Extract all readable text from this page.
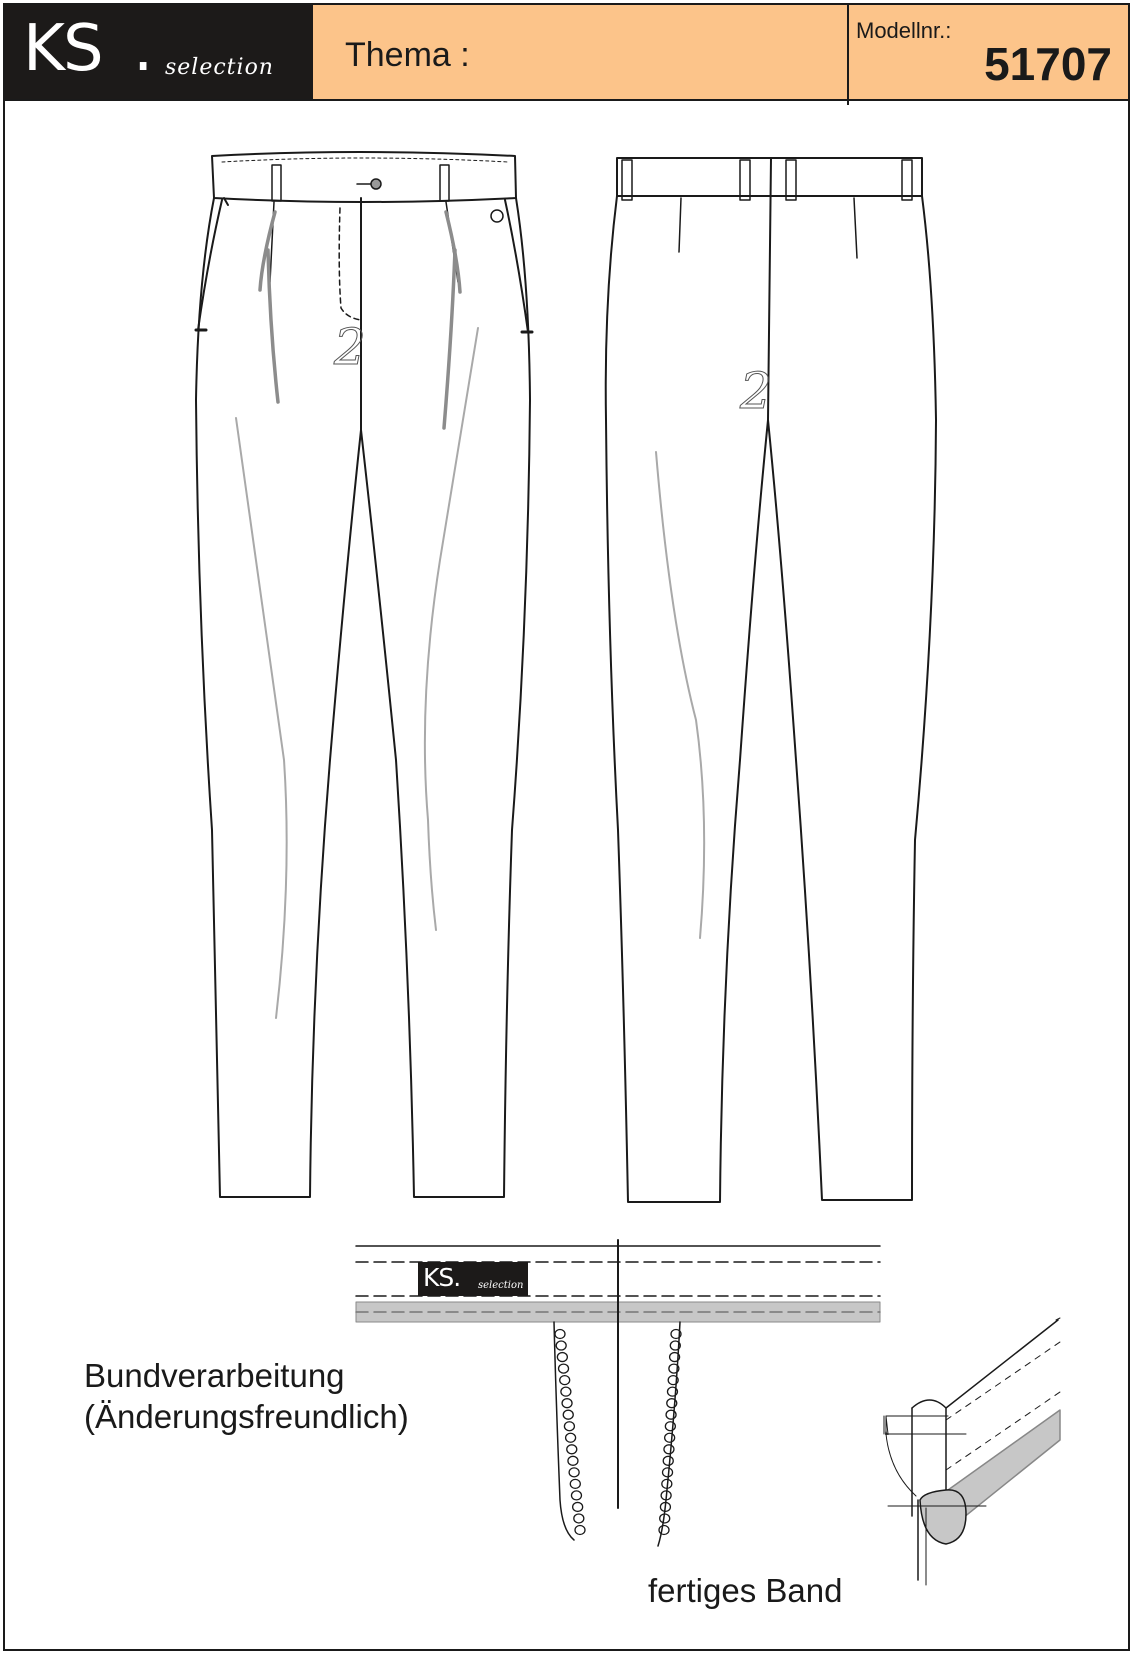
KS . selection Thema :
Modellnr.:
51707
2
2
KS. selection
Bundverarbeitung
(Änderungsfreundlich)
fertiges Band
